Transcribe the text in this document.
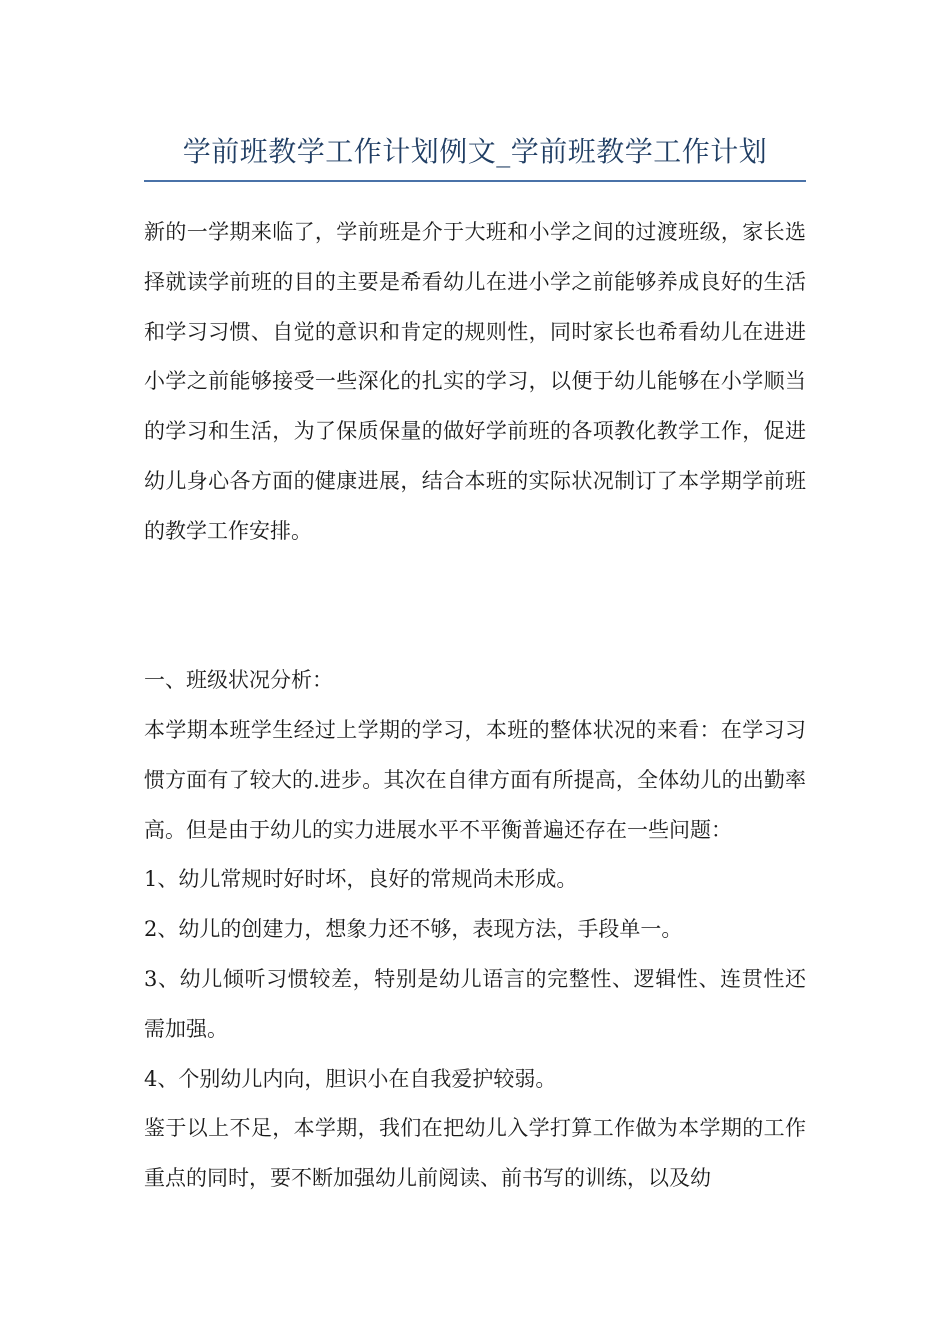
学前班教学工作计划例文_学前班教学工作计划

新的一学期来临了，学前班是介于大班和小学之间的过渡班级，家长选择就读学前班的目的主要是希看幼儿在进小学之前能够养成良好的生活和学习习惯、自觉的意识和肯定的规则性，同时家长也希看幼儿在进进小学之前能够接受一些深化的扎实的学习，以便于幼儿能够在小学顺当的学习和生活，为了保质保量的做好学前班的各项教化教学工作，促进幼儿身心各方面的健康进展，结合本班的实际状况制订了本学期学前班的教学工作安排。

一、班级状况分析：

本学期本班学生经过上学期的学习，本班的整体状况的来看：在学习习惯方面有了较大的.进步。其次在自律方面有所提高，全体幼儿的出勤率高。但是由于幼儿的实力进展水平不平衡普遍还存在一些问题：

1、幼儿常规时好时坏，良好的常规尚未形成。

2、幼儿的创建力，想象力还不够，表现方法，手段单一。

3、幼儿倾听习惯较差，特别是幼儿语言的完整性、逻辑性、连贯性还需加强。

4、个别幼儿内向，胆识小在自我爱护较弱。

鉴于以上不足，本学期，我们在把幼儿入学打算工作做为本学期的工作重点的同时，要不断加强幼儿前阅读、前书写的训练，以及幼
